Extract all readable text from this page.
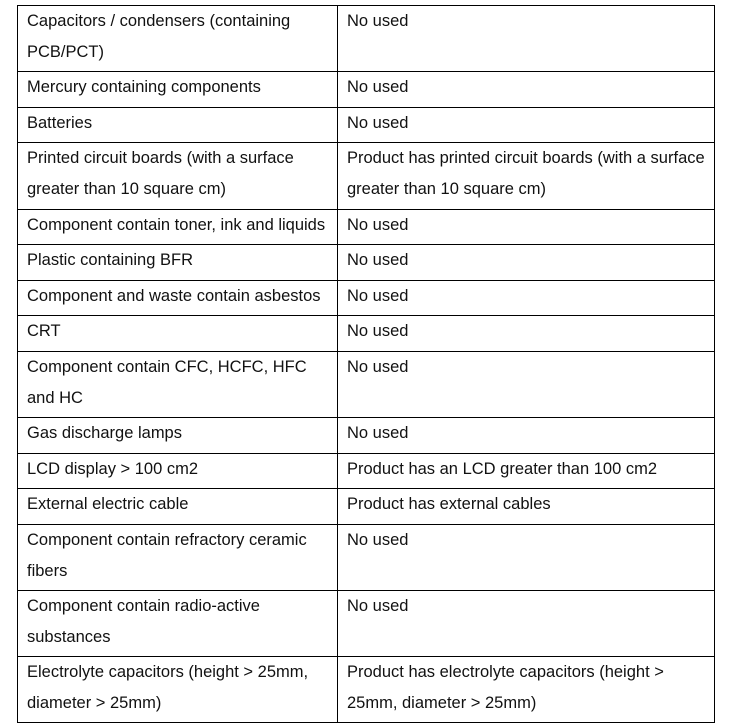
Capacitors / condensers (containing PCB/PCT)	No used

Mercury containing components	No used

Batteries	No used

Printed circuit boards (with a surface greater than 10 square cm)	Product has printed circuit boards (with a surface greater than 10 square cm)

Component contain toner, ink and liquids	No used

Plastic containing BFR	No used

Component and waste contain asbestos	No used

CRT	No used

Component contain CFC, HCFC, HFC and HC	No used

Gas discharge lamps	No used

LCD display > 100 cm2	Product has an LCD greater than 100 cm2

External electric cable	Product has external cables

Component contain refractory ceramic fibers	No used

Component contain radio-active substances	No used

Electrolyte capacitors (height > 25mm, diameter > 25mm)	Product has electrolyte capacitors (height > 25mm, diameter > 25mm)
